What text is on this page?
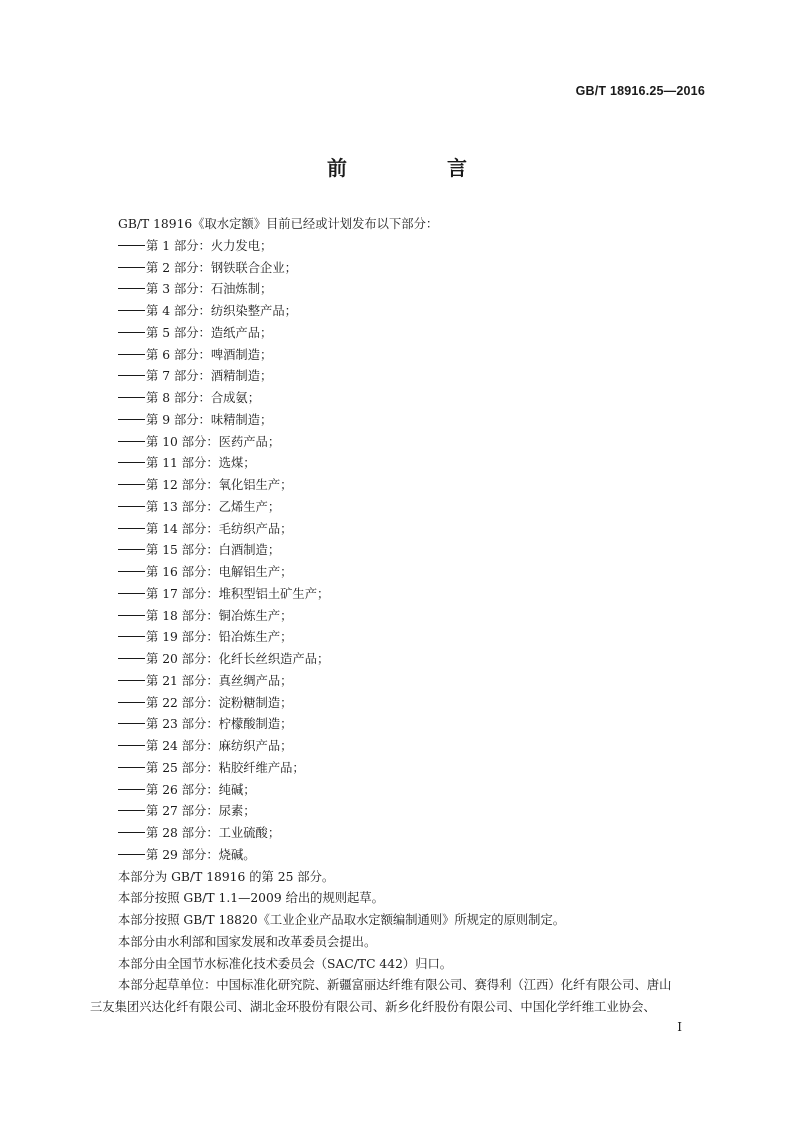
GB/T 18916.25—2016
前　言
GB/T 18916《取水定额》目前已经或计划发布以下部分：
第 1 部分：火力发电；
第 2 部分：钢铁联合企业；
第 3 部分：石油炼制；
第 4 部分：纺织染整产品；
第 5 部分：造纸产品；
第 6 部分：啤酒制造；
第 7 部分：酒精制造；
第 8 部分：合成氨；
第 9 部分：味精制造；
第 10 部分：医药产品；
第 11 部分：选煤；
第 12 部分：氧化铝生产；
第 13 部分：乙烯生产；
第 14 部分：毛纺织产品；
第 15 部分：白酒制造；
第 16 部分：电解铝生产；
第 17 部分：堆积型铝土矿生产；
第 18 部分：铜冶炼生产；
第 19 部分：铅冶炼生产；
第 20 部分：化纤长丝织造产品；
第 21 部分：真丝绸产品；
第 22 部分：淀粉糖制造；
第 23 部分：柠檬酸制造；
第 24 部分：麻纺织产品；
第 25 部分：粘胶纤维产品；
第 26 部分：纯碱；
第 27 部分：尿素；
第 28 部分：工业硫酸；
第 29 部分：烧碱。
本部分为 GB/T 18916 的第 25 部分。
本部分按照 GB/T 1.1—2009 给出的规则起草。
本部分按照 GB/T 18820《工业企业产品取水定额编制通则》所规定的原则制定。
本部分由水利部和国家发展和改革委员会提出。
本部分由全国节水标准化技术委员会（SAC/TC 442）归口。
本部分起草单位：中国标准化研究院、新疆富丽达纤维有限公司、赛得利（江西）化纤有限公司、唐山
三友集团兴达化纤有限公司、湖北金环股份有限公司、新乡化纤股份有限公司、中国化学纤维工业协会、
I
